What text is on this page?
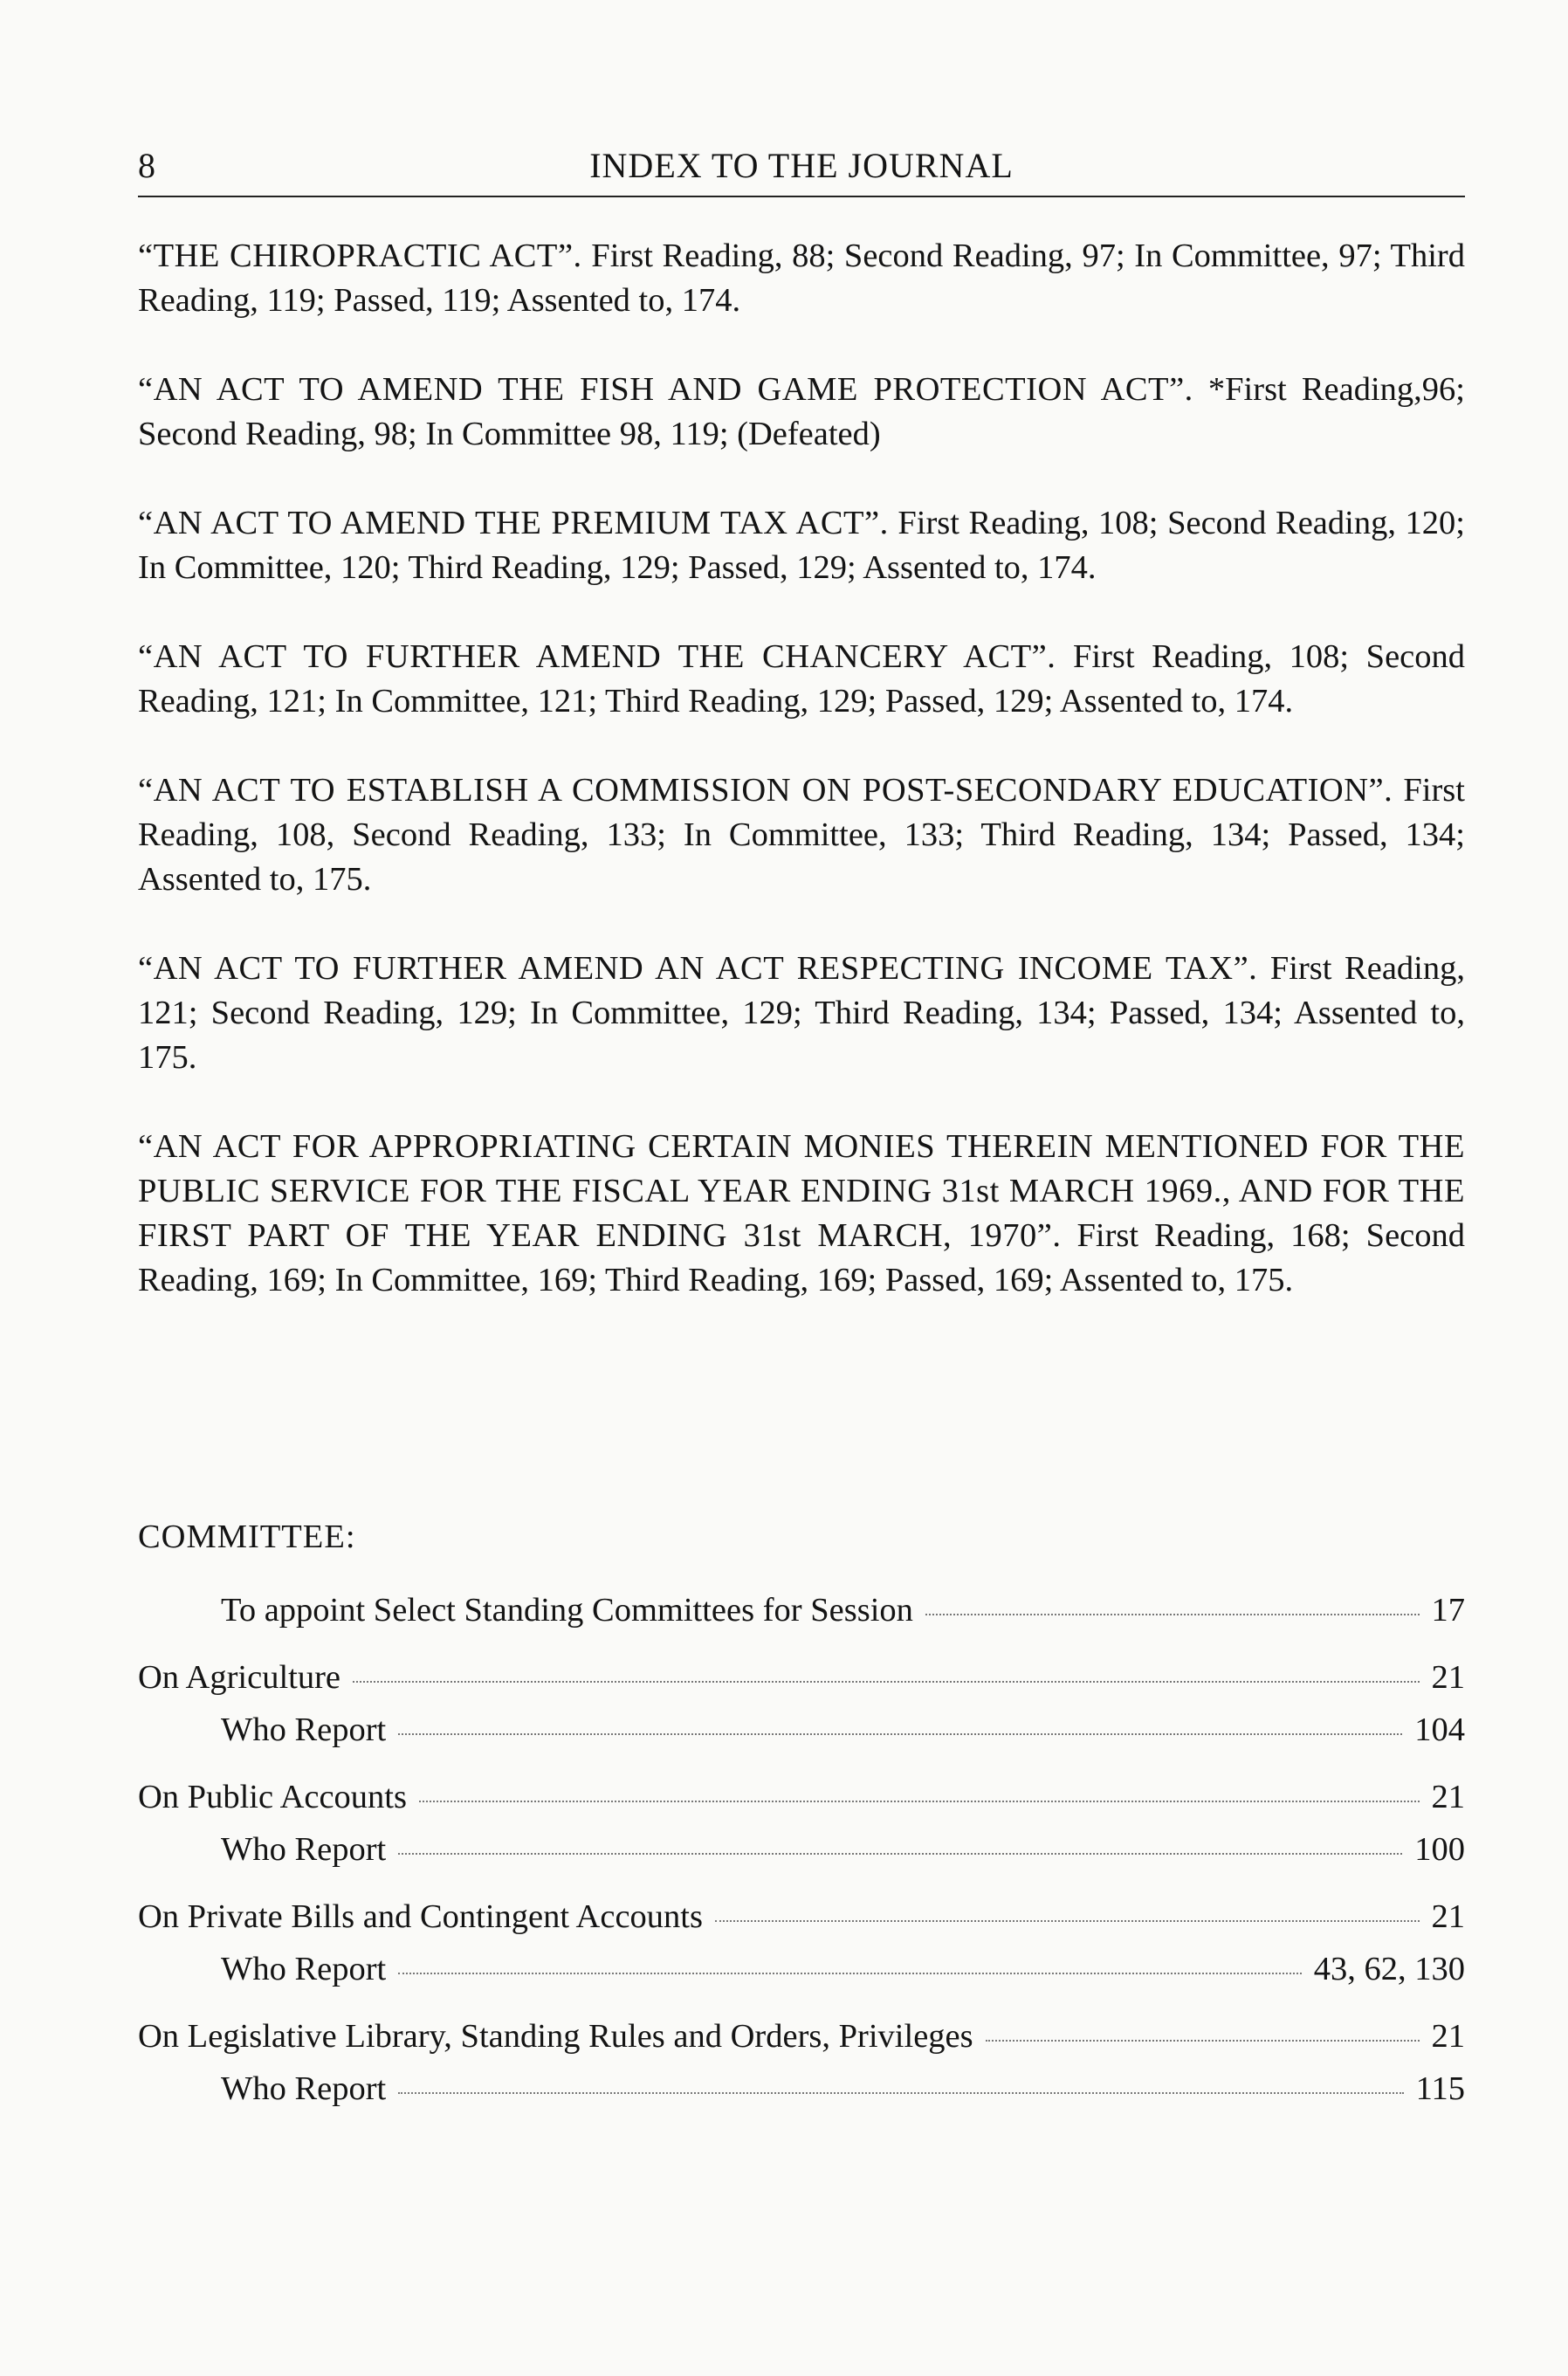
8	INDEX TO THE JOURNAL

“THE CHIROPRACTIC ACT”. First Reading, 88; Second Reading, 97; In Committee, 97; Third Reading, 119; Passed, 119; Assented to, 174.

“AN ACT TO AMEND THE FISH AND GAME PROTECTION ACT”. *First Reading,96; Second Reading, 98; In Committee 98, 119; (Defeated)

“AN ACT TO AMEND THE PREMIUM TAX ACT”. First Reading, 108; Second Reading, 120; In Committee, 120; Third Reading, 129; Passed, 129; Assented to, 174.

“AN ACT TO FURTHER AMEND THE CHANCERY ACT”. First Reading, 108; Second Reading, 121; In Committee, 121; Third Reading, 129; Passed, 129; Assented to, 174.

“AN ACT TO ESTABLISH A COMMISSION ON POST-SECONDARY EDUCATION”. First Reading, 108, Second Reading, 133; In Committee, 133; Third Reading, 134; Passed, 134; Assented to, 175.

“AN ACT TO FURTHER AMEND AN ACT RESPECTING INCOME TAX”. First Reading, 121; Second Reading, 129; In Committee, 129; Third Reading, 134; Passed, 134; Assented to, 175.

“AN ACT FOR APPROPRIATING CERTAIN MONIES THEREIN MENTIONED FOR THE PUBLIC SERVICE FOR THE FISCAL YEAR ENDING 31st MARCH 1969., AND FOR THE FIRST PART OF THE YEAR ENDING 31st MARCH, 1970”. First Reading, 168; Second Reading, 169; In Committee, 169; Third Reading, 169; Passed, 169; Assented to, 175.

COMMITTEE:
To appoint Select Standing Committees for Session	17
On Agriculture	21
Who Report	104
On Public Accounts	21
Who Report	100
On Private Bills and Contingent Accounts	21
Who Report	43, 62, 130
On Legislative Library, Standing Rules and Orders, Privileges	21
Who Report	115
